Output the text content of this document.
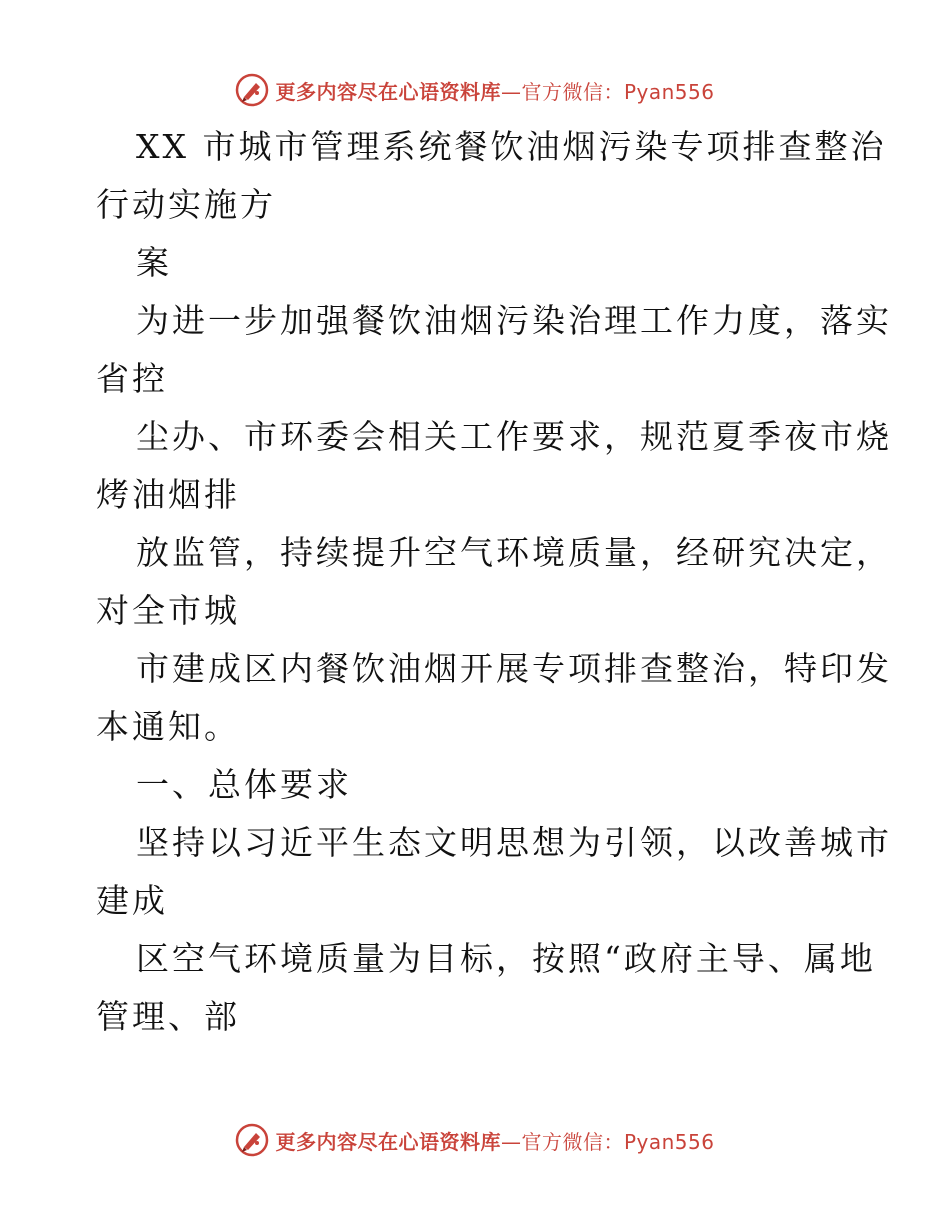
更多内容尽在心语资料库—官方微信：Pyan556
XX 市城市管理系统餐饮油烟污染专项排查整治
行动实施方
案
为进一步加强餐饮油烟污染治理工作力度，落实
省控
尘办、市环委会相关工作要求，规范夏季夜市烧
烤油烟排
放监管，持续提升空气环境质量，经研究决定，
对全市城
市建成区内餐饮油烟开展专项排查整治，特印发
本通知。
一、总体要求
坚持以习近平生态文明思想为引领，以改善城市
建成
区空气环境质量为目标，按照“政府主导、属地
管理、部
更多内容尽在心语资料库—官方微信：Pyan556
